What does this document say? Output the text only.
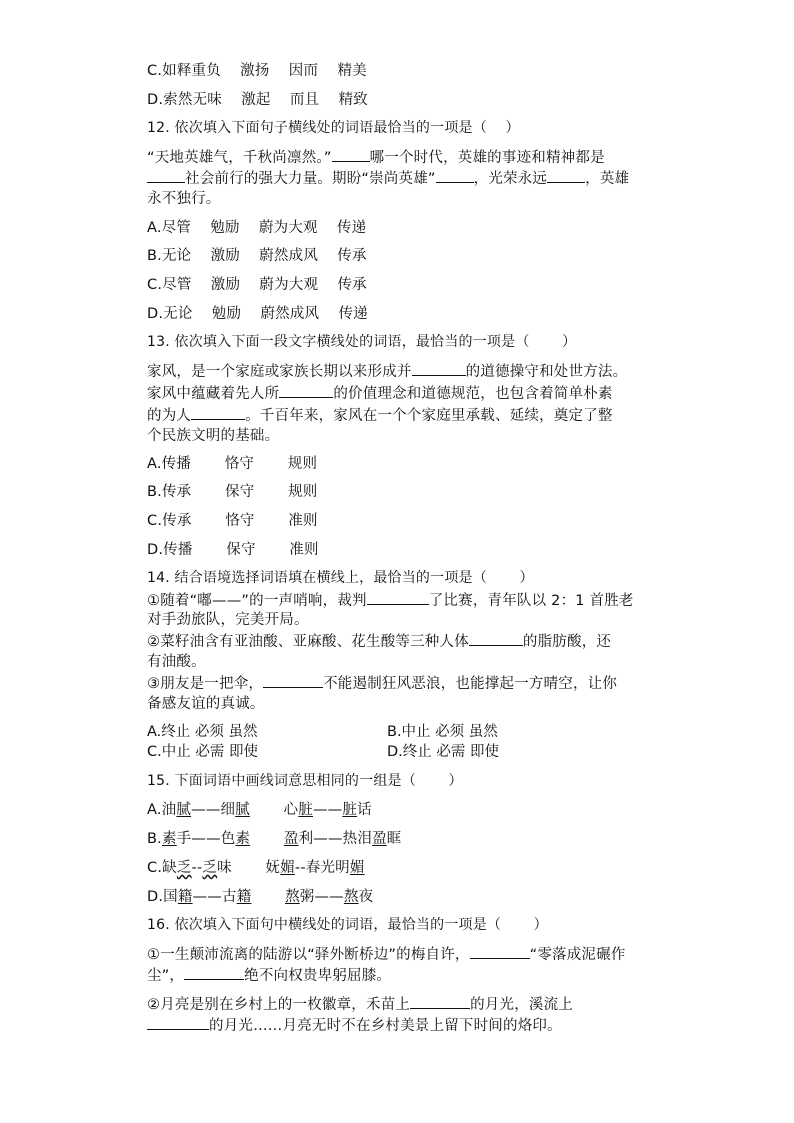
C.如释重负    激扬    因而    精美
D.索然无味    激起    而且    精致
12. 依次填入下面句子横线处的词语最恰当的一项是（    ）
“天地英雄气，千秋尚凛然。”	哪一个时代，英雄的事迹和精神都是
社会前行的强大力量。期盼“崇尚英雄”	，光荣永远	，英雄
永不独行。
A.尽管    勉励    蔚为大观    传递
B.无论    激励    蔚然成风    传承
C.尽管    激励    蔚为大观    传承
D.无论    勉励    蔚然成风    传递
13. 依次填入下面一段文字横线处的词语，最恰当的一项是（       ）
家风，是一个家庭或家族长期以来形成并	的道德操守和处世方法。
家风中蕴藏着先人所	的价值理念和道德规范，也包含着简单朴素
的为人	。千百年来，家风在一个个家庭里承载、延续，奠定了整
个民族文明的基础。
A.传播       恪守       规则
B.传承       保守       规则
C.传承       恪守       准则
D.传播       保守       准则
14. 结合语境选择词语填在横线上，最恰当的一项是（       ）
①随着“嘟——”的一声哨响，裁判	了比赛，青年队以 2：1 首胜老
对手劲旅队，完美开局。
②菜籽油含有亚油酸、亚麻酸、花生酸等三种人体	的脂肪酸，还
有油酸。
③朋友是一把伞，	不能遏制狂风恶浪，也能撑起一方晴空，让你
备感友谊的真诚。
A.终止 必须 虽然	B.中止 必须 虽然
C.中止 必需 即使	D.终止 必需 即使
15. 下面词语中画线词意思相同的一组是（       ）
A.油腻——细腻       心脏——脏话
B.素手——色素 盈利——热泪盈眶
C.缺乏--乏味       妩媚--春光明媚
D.国籍——古籍 熬粥——熬夜
16. 依次填入下面句中横线处的词语，最恰当的一项是（       ）
①一生颠沛流离的陆游以“驿外断桥边”的梅自许，	“零落成泥碾作
尘”，	绝不向权贵卑躬屈膝。
②月亮是别在乡村上的一枚徽章，禾苗上	的月光，溪流上
的月光……月亮无时不在乡村美景上留下时间的烙印。
